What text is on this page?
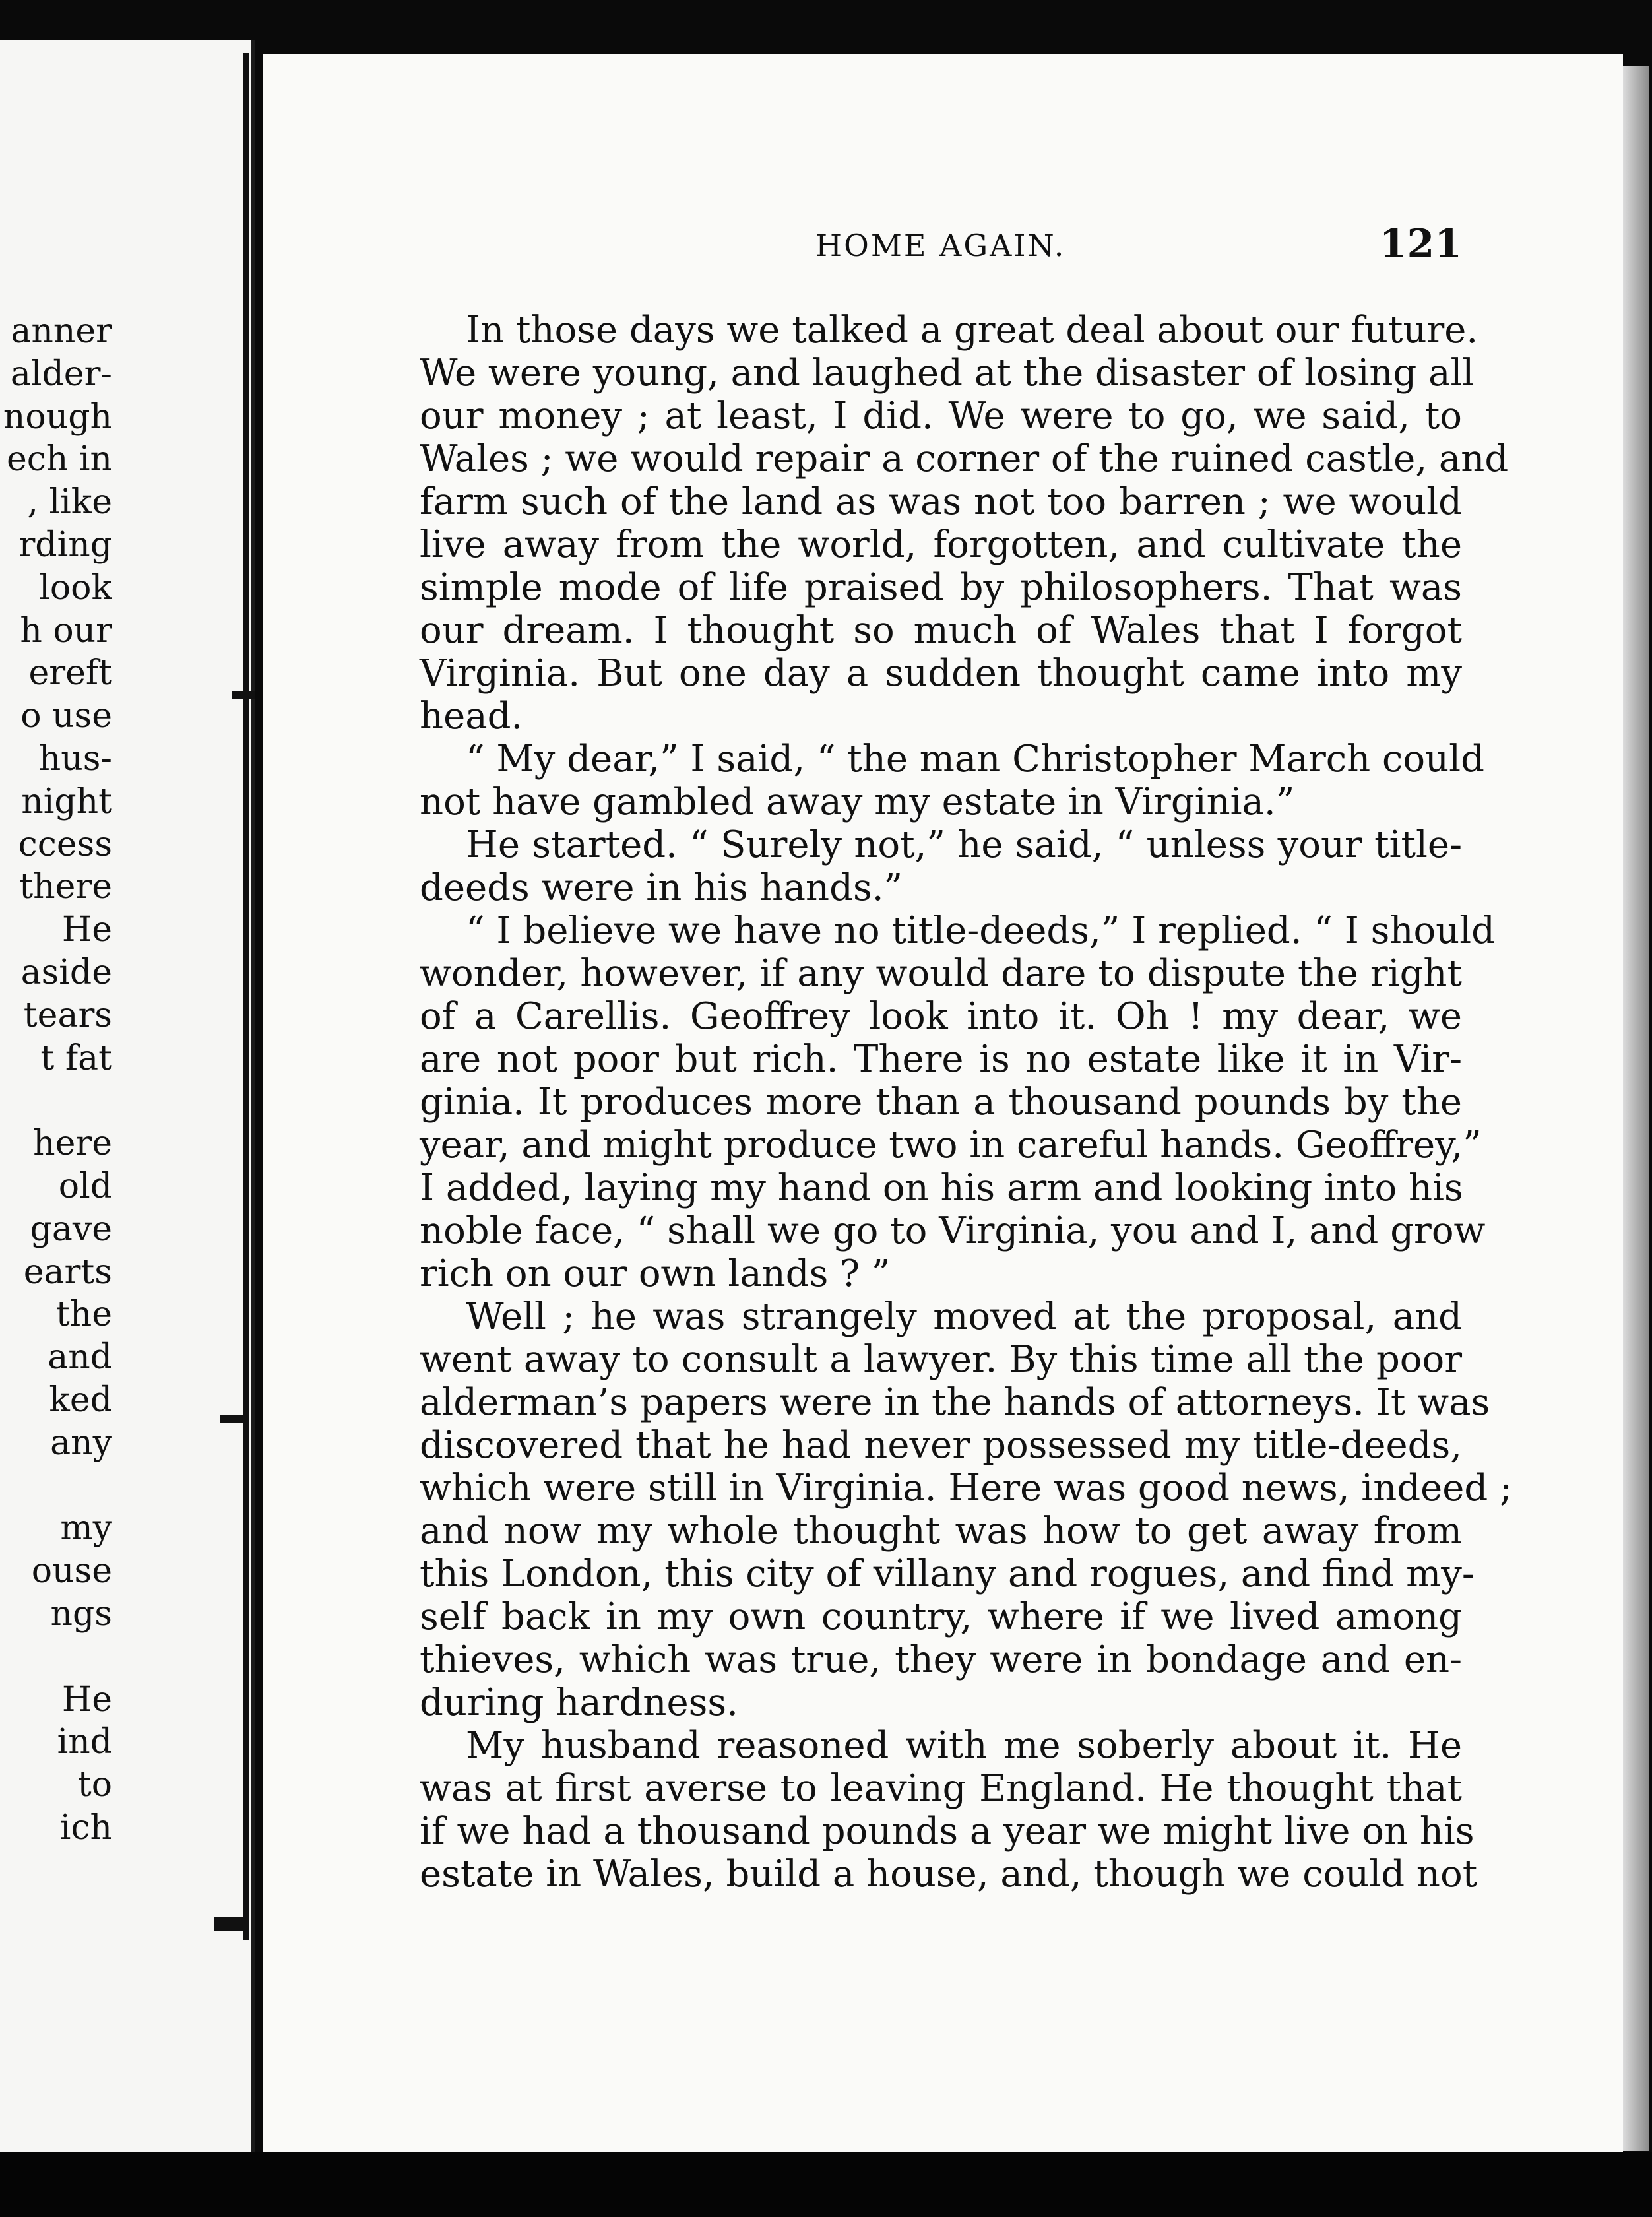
anner
alder-
nough
ech in
, like
rding
look
h our
ereft
o use
hus-
night
ccess
there
He
aside
tears
t fat
here
old
gave
earts
the
and
ked
any
my
ouse
ngs
He
ind
to
ich
HOME AGAIN.	121
In those days we talked a great deal about our future.
We were young, and laughed at the disaster of losing all
our money ; at least, I did. We were to go, we said, to
Wales ; we would repair a corner of the ruined castle, and
farm such of the land as was not too barren ; we would
live away from the world, forgotten, and cultivate the
simple mode of life praised by philosophers. That was
our dream. I thought so much of Wales that I forgot
Virginia. But one day a sudden thought came into my
head.
“ My dear,” I said, “ the man Christopher March could
not have gambled away my estate in Virginia.”
He started. “ Surely not,” he said, “ unless your title-
deeds were in his hands.”
“ I believe we have no title-deeds,” I replied. “ I should
wonder, however, if any would dare to dispute the right
of a Carellis. Geoffrey look into it. Oh ! my dear, we
are not poor but rich. There is no estate like it in Vir-
ginia. It produces more than a thousand pounds by the
year, and might produce two in careful hands. Geoffrey,”
I added, laying my hand on his arm and looking into his
noble face, “ shall we go to Virginia, you and I, and grow
rich on our own lands ? ”
Well ; he was strangely moved at the proposal, and
went away to consult a lawyer. By this time all the poor
alderman’s papers were in the hands of attorneys. It was
discovered that he had never possessed my title-deeds,
which were still in Virginia. Here was good news, indeed ;
and now my whole thought was how to get away from
this London, this city of villany and rogues, and find my-
self back in my own country, where if we lived among
thieves, which was true, they were in bondage and en-
during hardness.
My husband reasoned with me soberly about it. He
was at first averse to leaving England. He thought that
if we had a thousand pounds a year we might live on his
estate in Wales, build a house, and, though we could not
